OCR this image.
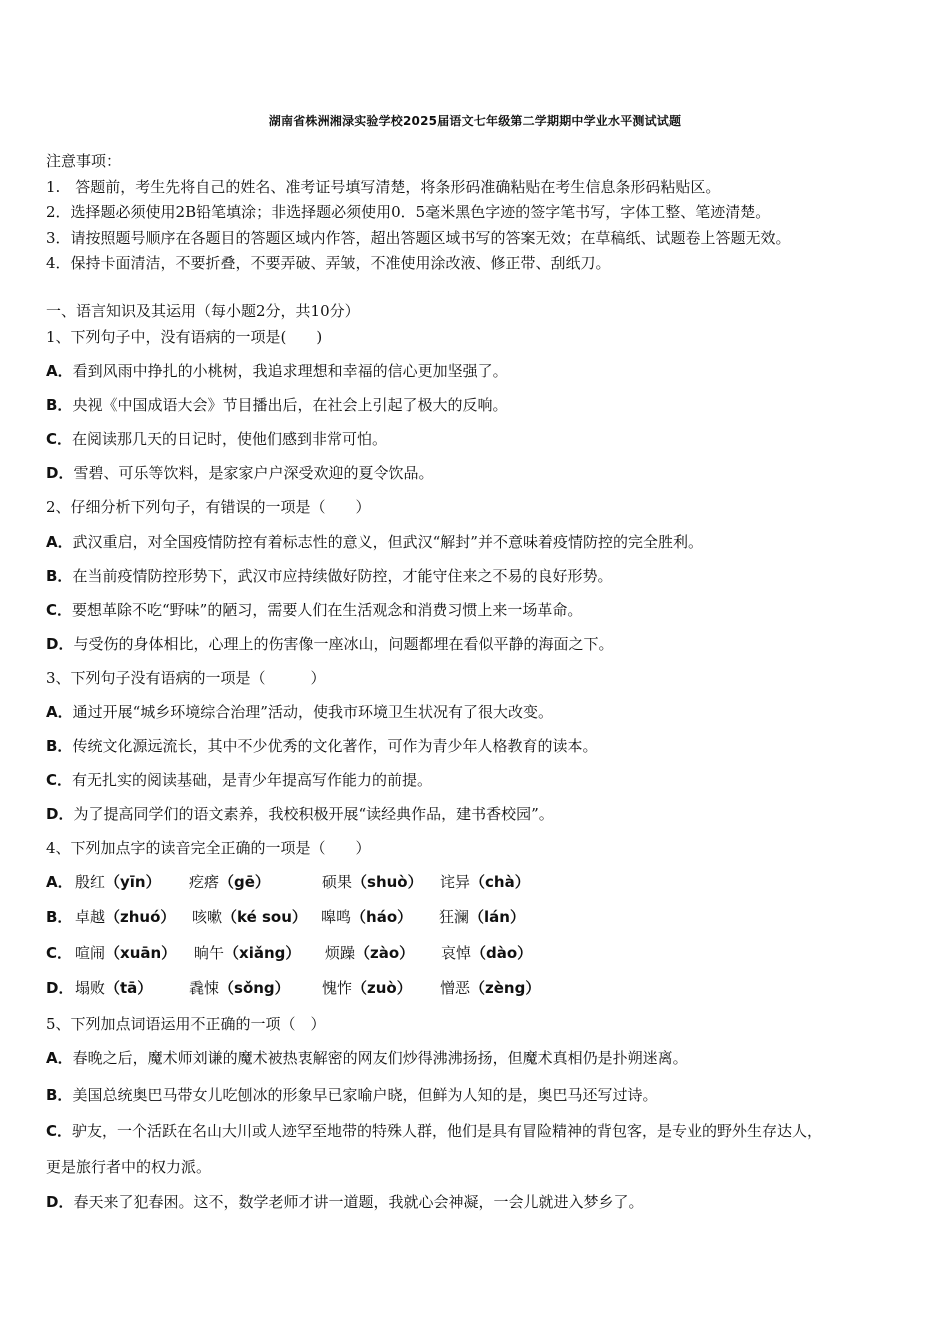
湖南省株洲湘渌实验学校2025届语文七年级第二学期期中学业水平测试试题
注意事项：
1.　答题前，考生先将自己的姓名、准考证号填写清楚，将条形码准确粘贴在考生信息条形码粘贴区。
2．选择题必须使用2B铅笔填涂；非选择题必须使用0．5毫米黑色字迹的签字笔书写，字体工整、笔迹清楚。
3．请按照题号顺序在各题目的答题区域内作答，超出答题区域书写的答案无效；在草稿纸、试题卷上答题无效。
4．保持卡面清洁，不要折叠，不要弄破、弄皱，不准使用涂改液、修正带、刮纸刀。
一、语言知识及其运用（每小题2分，共10分）
1、下列句子中，没有语病的一项是(　　)
A．看到风雨中挣扎的小桃树，我追求理想和幸福的信心更加坚强了。
B．央视《中国成语大会》节目播出后，在社会上引起了极大的反响。
C．在阅读那几天的日记时，使他们感到非常可怕。
D．雪碧、可乐等饮料，是家家户户深受欢迎的夏令饮品。
2、仔细分析下列句子，有错误的一项是（　　）
A．武汉重启，对全国疫情防控有着标志性的意义，但武汉“解封”并不意味着疫情防控的完全胜利。
B．在当前疫情防控形势下，武汉市应持续做好防控，才能守住来之不易的良好形势。
C．要想革除不吃“野味”的陋习，需要人们在生活观念和消费习惯上来一场革命。
D．与受伤的身体相比，心理上的伤害像一座冰山，问题都埋在看似平静的海面之下。
3、下列句子没有语病的一项是（　　　）
A．通过开展“城乡环境综合治理”活动，使我市环境卫生状况有了很大改变。
B．传统文化源远流长，其中不少优秀的文化著作，可作为青少年人格教育的读本。
C．有无扎实的阅读基础，是青少年提高写作能力的前提。
D．为了提高同学们的语文素养，我校积极开展“读经典作品，建书香校园”。
4、下列加点字的读音完全正确的一项是（　　）
A． 殷红（yīn） 疙瘩（gē）	硕果（shuò） 诧异（chà）
B． 卓越（zhuó） 咳嗽（ké sou） 嗥鸣（háo） 狂澜（lán）
C． 喧闹（xuān） 晌午（xiǎng） 烦躁（zào） 哀悼（dào）
D． 塌败（tā） 毳悚（sǒng） 愧怍（zuò） 憎恶（zèng）
5、下列加点词语运用不正确的一项（　）
A．春晚之后，魔术师刘谦的魔术被热衷解密的网友们炒得沸沸扬扬，但魔术真相仍是扑朔迷离。
B．美国总统奥巴马带女儿吃刨冰的形象早已家喻户晓，但鲜为人知的是，奥巴马还写过诗。
C．驴友，一个活跃在名山大川或人迹罕至地带的特殊人群，他们是具有冒险精神的背包客，是专业的野外生存达人，
更是旅行者中的权力派。
D．春天来了犯春困。这不，数学老师才讲一道题，我就心会神凝，一会儿就进入梦乡了。
